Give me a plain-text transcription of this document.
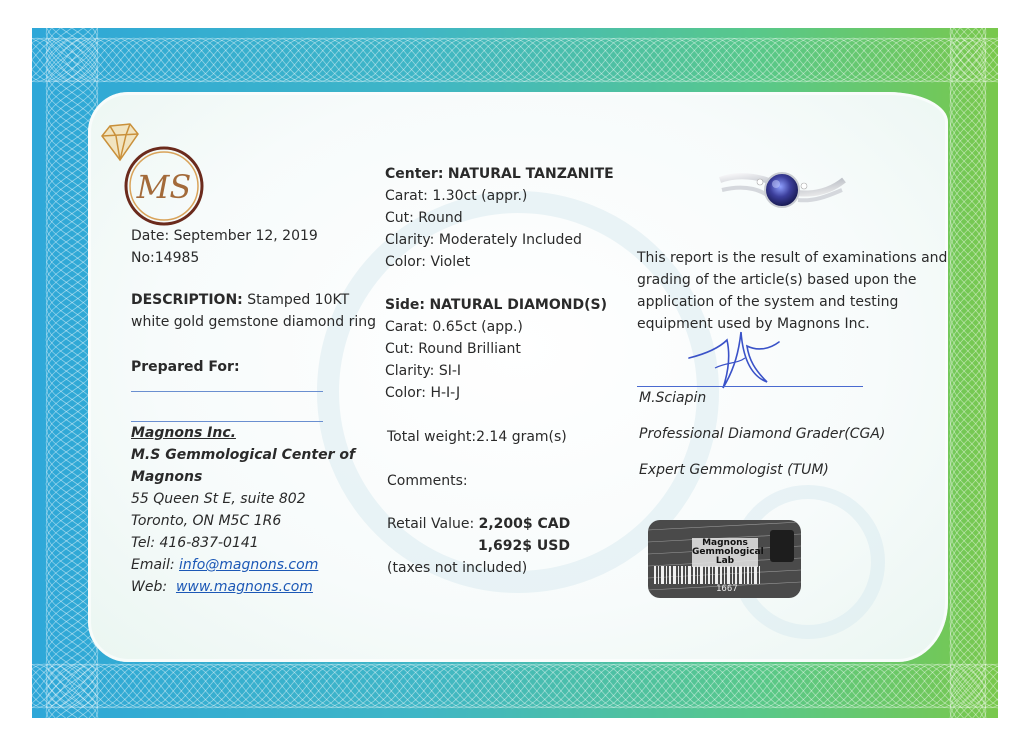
MS
Date: September 12, 2019
No:14985
DESCRIPTION: Stamped 10KT
white gold gemstone diamond ring
Prepared For:
Magnons Inc.
M.S Gemmological Center of
Magnons
55 Queen St E, suite 802
Toronto, ON M5C 1R6
Tel: 416-837-0141
Email: info@magnons.com
Web: www.magnons.com
Center: NATURAL TANZANITE
Carat: 1.30ct (appr.)
Cut: Round
Clarity: Moderately Included
Color: Violet
Side: NATURAL DIAMOND(S)
Carat: 0.65ct (app.)
Cut: Round Brilliant
Clarity: SI-I
Color: H-I-J
Total weight:2.14 gram(s)
Comments:
Retail Value: 2,200$ CAD
1,692$ USD
(taxes not included)
This report is the result of examinations and
grading of the article(s) based upon the
application of the system and testing
equipment used by Magnons Inc.
M.Sciapin
Professional Diamond Grader(CGA)
Expert Gemmologist (TUM)
Magnons
Gemmological
Lab
1667
